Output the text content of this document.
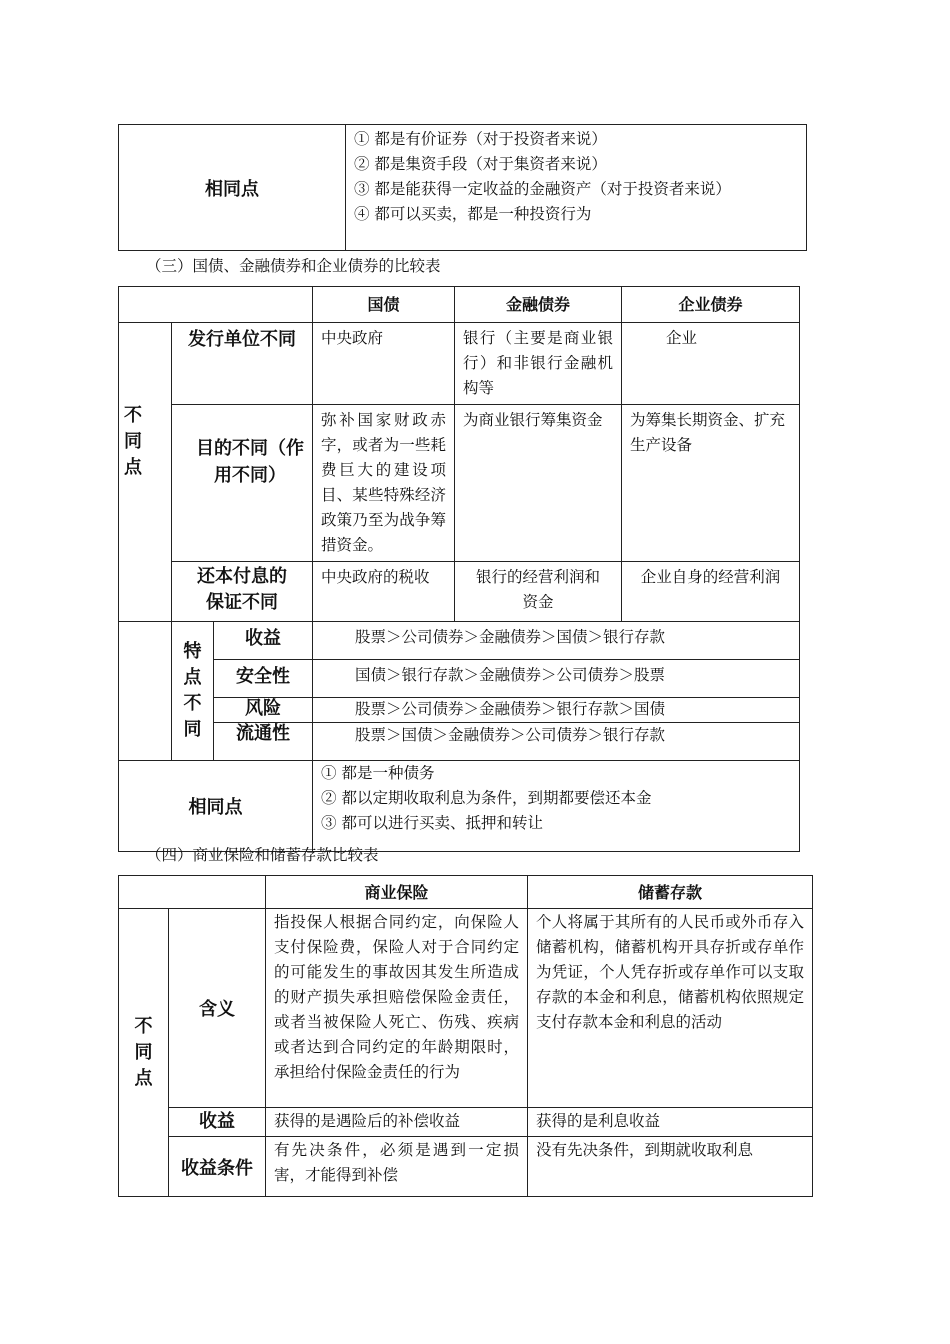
相同点	
① 都是有价证券（对于投资者来说）
② 都是集资手段（对于集资者来说）
③ 都是能获得一定收益的金融资产（对于投资者来说）
④ 都可以买卖，都是一种投资行为
（三）国债、金融债券和企业债券的比较表
			国债	金融债券	企业债券
不同点	发行单位不同		中央政府	银行（主要是商业银行）和非银行金融机构等	企业
	目的不同（作用不同）		弥补国家财政赤字，或者为一些耗费巨大的建设项目、某些特殊经济政策乃至为战争筹措资金。	为商业银行筹集资金	为筹集长期资金、扩充生产设备
	还本付息的保证不同		中央政府的税收	银行的经营利润和资金	企业自身的经营利润
	特点不同	收益	股票＞公司债券＞金融债券＞国债＞银行存款		
		安全性	国债＞银行存款＞金融债券＞公司债券＞股票		
		风险	股票＞公司债券＞金融债券＞银行存款＞国债		
		流通性	股票＞国债＞金融债券＞公司债券＞银行存款		
相同点			① 都是一种债务
② 都以定期收取利息为条件，到期都要偿还本金
③ 都可以进行买卖、抵押和转让		
（四）商业保险和储蓄存款比较表
		商业保险	储蓄存款
不同点	含义	指投保人根据合同约定，向保险人支付保险费，保险人对于合同约定的可能发生的事故因其发生所造成的财产损失承担赔偿保险金责任，或者当被保险人死亡、伤残、疾病或者达到合同约定的年龄期限时，承担给付保险金责任的行为	个人将属于其所有的人民币或外币存入储蓄机构，储蓄机构开具存折或存单作为凭证，个人凭存折或存单作可以支取存款的本金和利息，储蓄机构依照规定支付存款本金和利息的活动
	收益	获得的是遇险后的补偿收益	获得的是利息收益
	收益条件	有先决条件，必须是遇到一定损害，才能得到补偿	没有先决条件，到期就收取利息
